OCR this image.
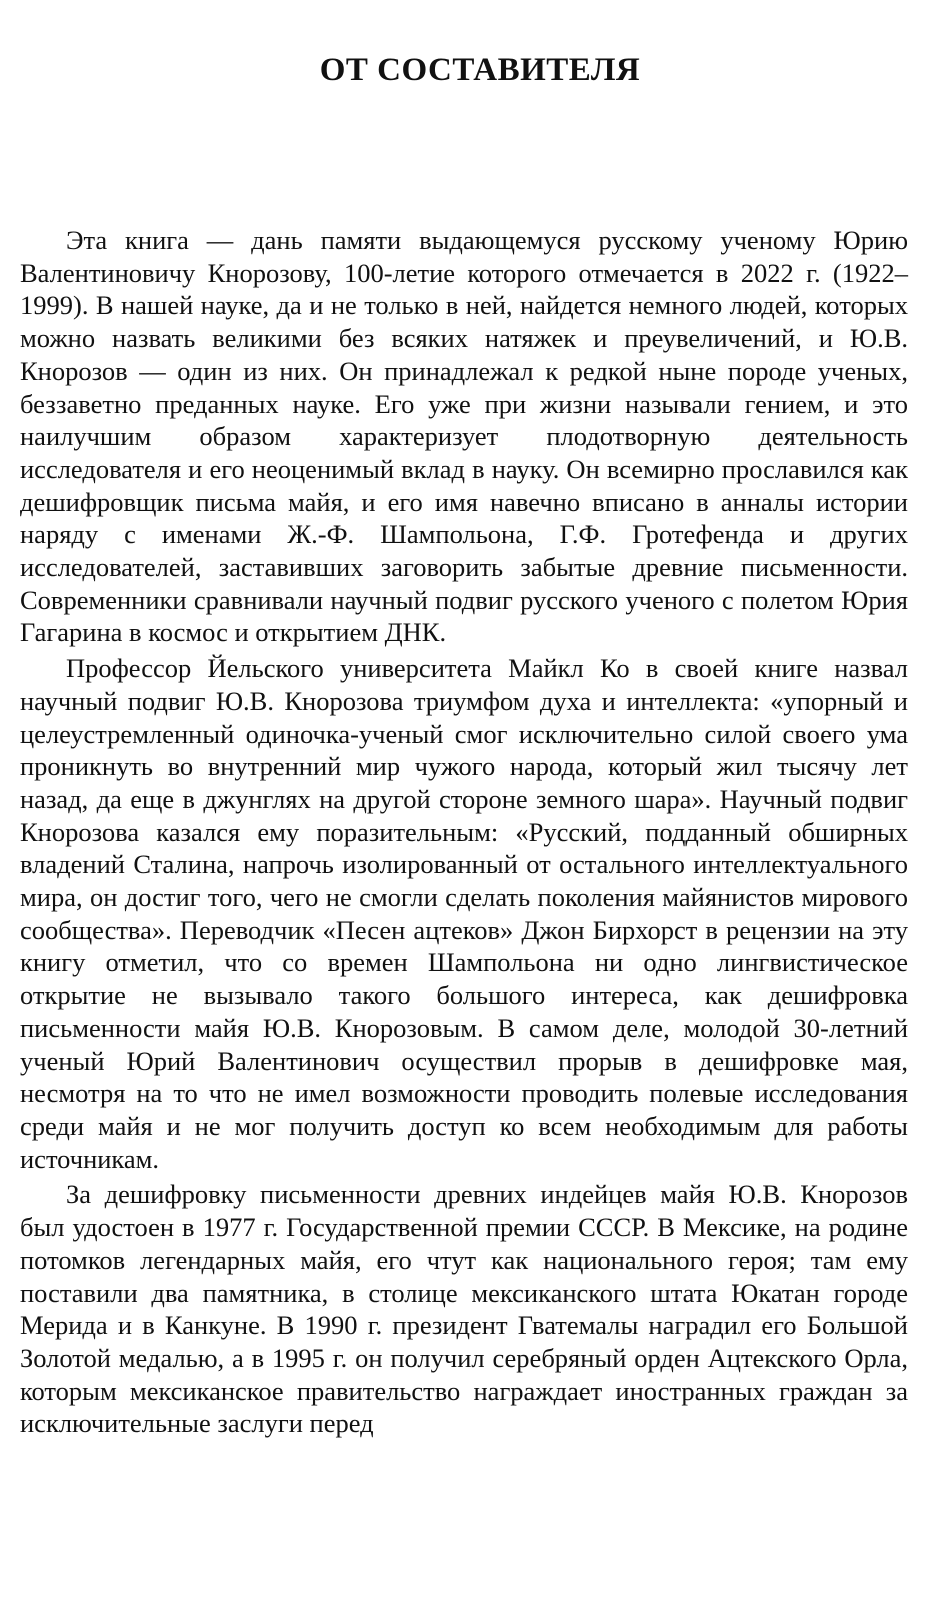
ОТ СОСТАВИТЕЛЯ

Эта книга — дань памяти выдающемуся русскому ученому Юрию Валентиновичу Кнорозову, 100-летие которого отмечается в 2022 г. (1922–1999). В нашей науке, да и не только в ней, найдется немного людей, которых можно назвать великими без всяких натяжек и преувеличений, и Ю.В. Кнорозов — один из них. Он принадлежал к редкой ныне породе ученых, беззаветно преданных науке. Его уже при жизни называли гением, и это наилучшим образом характеризует плодотворную деятельность исследователя и его неоценимый вклад в науку. Он всемирно прославился как дешифровщик письма майя, и его имя навечно вписано в анналы истории наряду с именами Ж.-Ф. Шампольона, Г.Ф. Гротефенда и других исследователей, заставивших заговорить забытые древние письменности. Современники сравнивали научный подвиг русского ученого с полетом Юрия Гагарина в космос и открытием ДНК.

Профессор Йельского университета Майкл Ко в своей книге назвал научный подвиг Ю.В. Кнорозова триумфом духа и интеллекта: «упорный и целеустремленный одиночка-ученый смог исключительно силой своего ума проникнуть во внутренний мир чужого народа, который жил тысячу лет назад, да еще в джунглях на другой стороне земного шара». Научный подвиг Кнорозова казался ему поразительным: «Русский, подданный обширных владений Сталина, напрочь изолированный от остального интеллектуального мира, он достиг того, чего не смогли сделать поколения майянистов мирового сообщества». Переводчик «Песен ацтеков» Джон Бирхорст в рецензии на эту книгу отметил, что со времен Шампольона ни одно лингвистическое открытие не вызывало такого большого интереса, как дешифровка письменности майя Ю.В. Кнорозовым. В самом деле, молодой 30-летний ученый Юрий Валентинович осуществил прорыв в дешифровке мая, несмотря на то что не имел возможности проводить полевые исследования среди майя и не мог получить доступ ко всем необходимым для работы источникам.

За дешифровку письменности древних индейцев майя Ю.В. Кнорозов был удостоен в 1977 г. Государственной премии СССР. В Мексике, на родине потомков легендарных майя, его чтут как национального героя; там ему поставили два памятника, в столице мексиканского штата Юкатан городе Мерида и в Канкуне. В 1990 г. президент Гватемалы наградил его Большой Золотой медалью, а в 1995 г. он получил серебряный орден Ацтекского Орла, которым мексиканское правительство награждает иностранных граждан за исключительные заслуги перед
